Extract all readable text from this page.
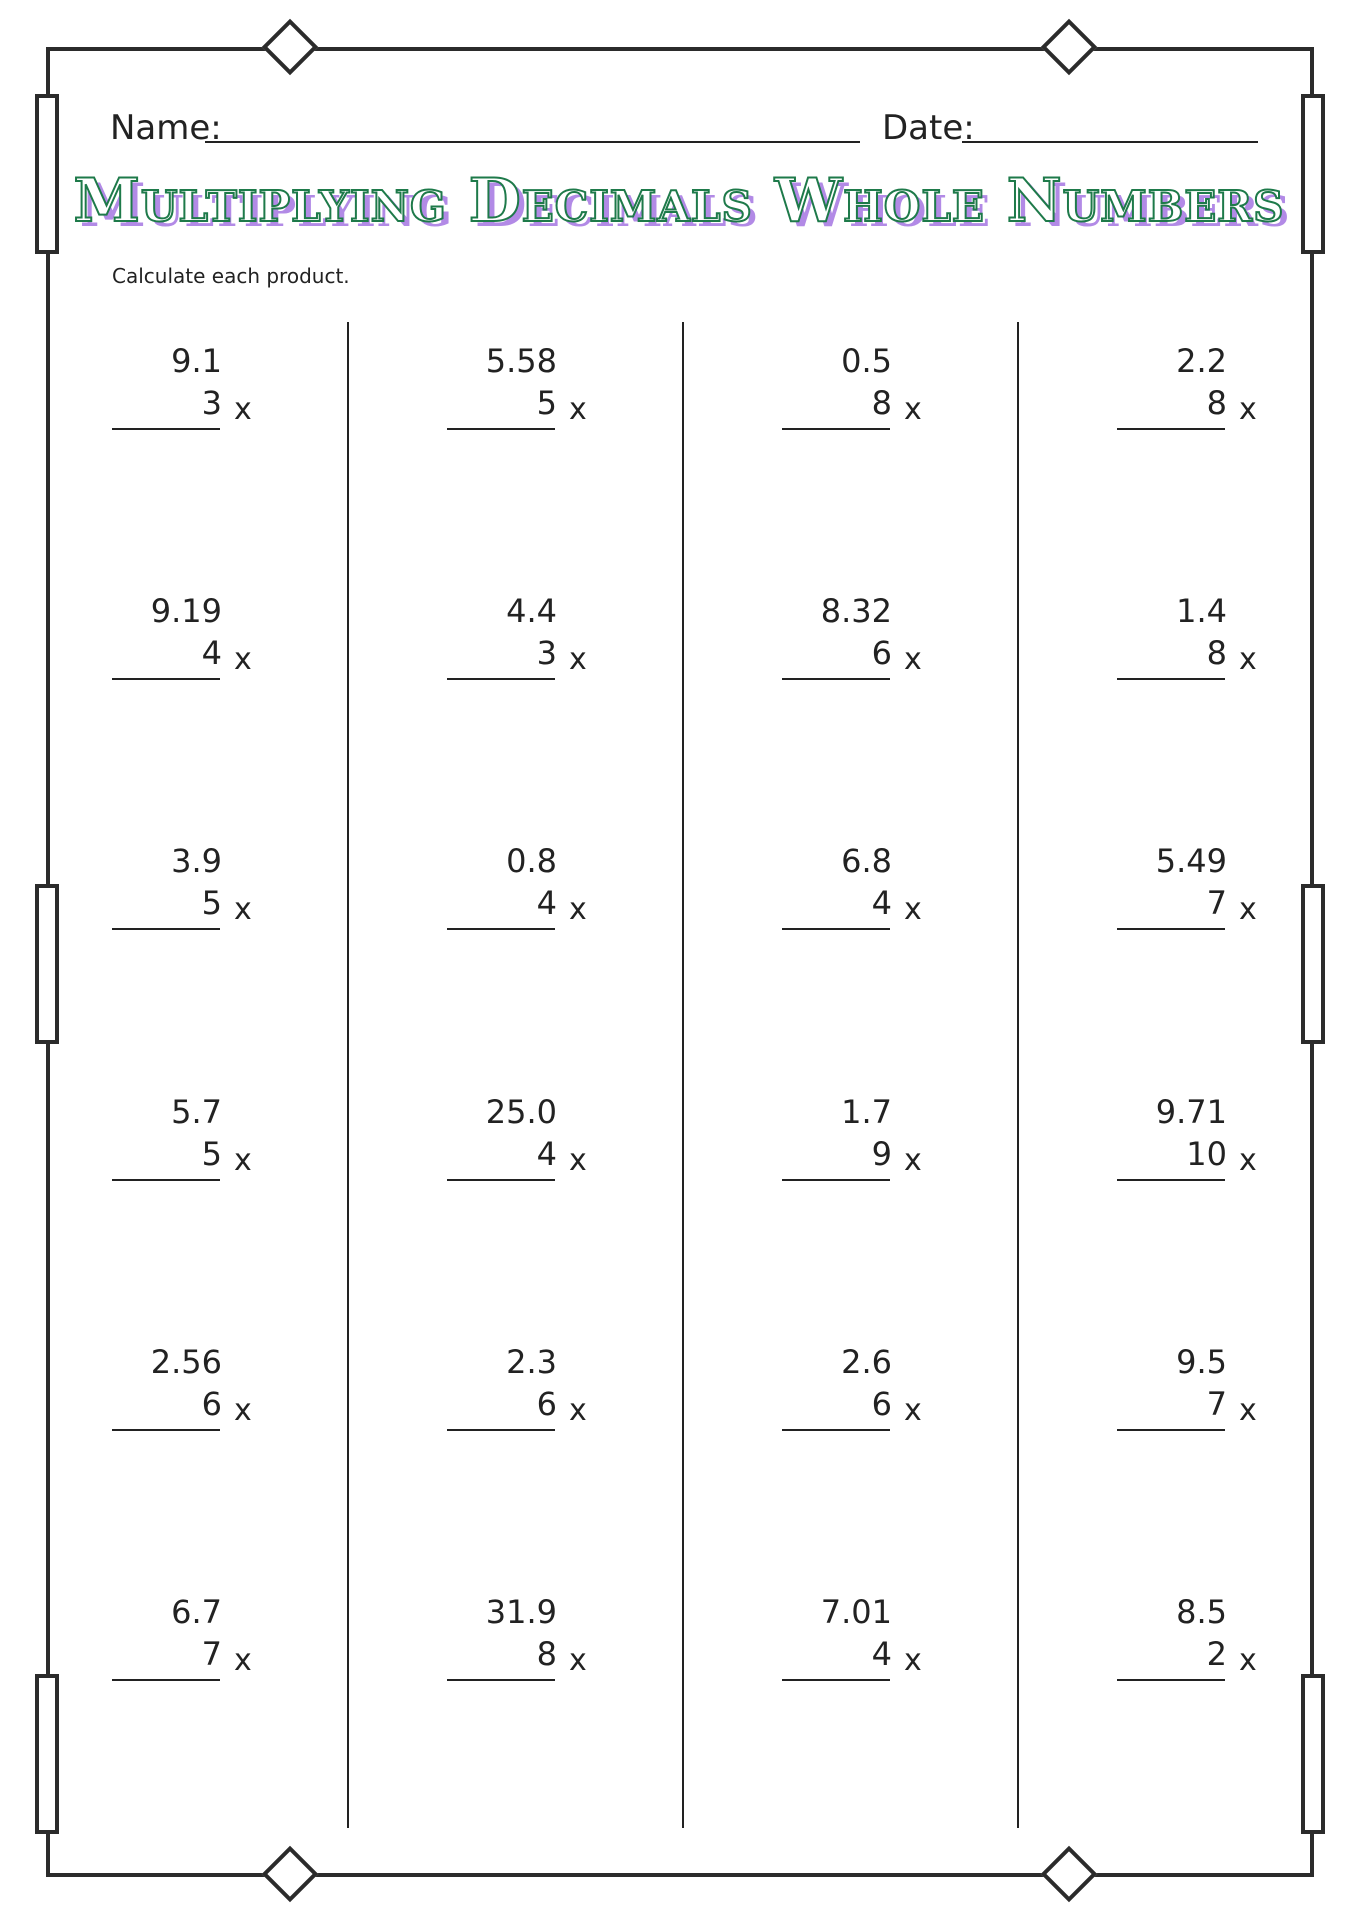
Name:	Date:
Multiplying Decimals Whole Numbers
Calculate each product.
9.1
3 x
5.58
5 x
0.5
8 x
2.2
8 x
9.19
4 x
4.4
3 x
8.32
6 x
1.4
8 x
3.9
5 x
0.8
4 x
6.8
4 x
5.49
7 x
5.7
5 x
25.0
4 x
1.7
9 x
9.71
10 x
2.56
6 x
2.3
6 x
2.6
6 x
9.5
7 x
6.7
7 x
31.9
8 x
7.01
4 x
8.5
2 x
